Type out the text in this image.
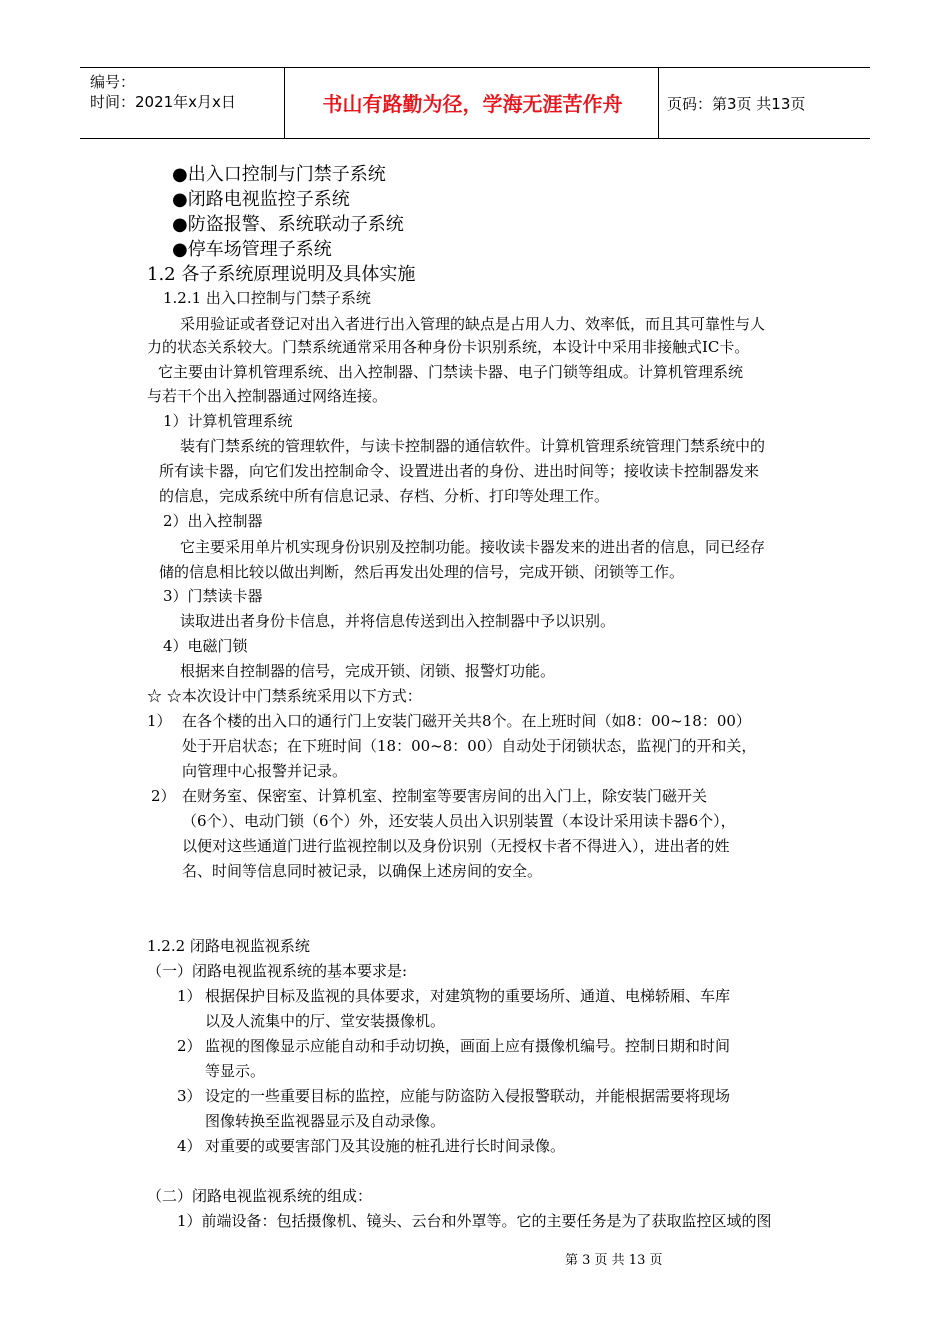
编号：
时间：2021年x月x日	书山有路勤为径，学海无涯苦作舟	页码：第3页 共13页
●出入口控制与门禁子系统
●闭路电视监控子系统
●防盗报警、系统联动子系统
●停车场管理子系统
1.2 各子系统原理说明及具体实施
1.2.1 出入口控制与门禁子系统
采用验证或者登记对出入者进行出入管理的缺点是占用人力、效率低，而且其可靠性与人
力的状态关系较大。门禁系统通常采用各种身份卡识别系统，本设计中采用非接触式IC卡。
它主要由计算机管理系统、出入控制器、门禁读卡器、电子门锁等组成。计算机管理系统
与若干个出入控制器通过网络连接。
1）计算机管理系统
装有门禁系统的管理软件，与读卡控制器的通信软件。计算机管理系统管理门禁系统中的
所有读卡器，向它们发出控制命令、设置进出者的身份、进出时间等；接收读卡控制器发来
的信息，完成系统中所有信息记录、存档、分析、打印等处理工作。
2）出入控制器
它主要采用单片机实现身份识别及控制功能。接收读卡器发来的进出者的信息，同已经存
储的信息相比较以做出判断，然后再发出处理的信号，完成开锁、闭锁等工作。
3）门禁读卡器
读取进出者身份卡信息，并将信息传送到出入控制器中予以识别。
4）电磁门锁
根据来自控制器的信号，完成开锁、闭锁、报警灯功能。
☆ ☆本次设计中门禁系统采用以下方式：
1） 在各个楼的出入口的通行门上安装门磁开关共8个。在上班时间（如8：00~18：00）
处于开启状态；在下班时间（18：00~8：00）自动处于闭锁状态，监视门的开和关，
向管理中心报警并记录。
2） 在财务室、保密室、计算机室、控制室等要害房间的出入门上，除安装门磁开关
（6个）、电动门锁（6个）外，还安装人员出入识别装置（本设计采用读卡器6个），
以便对这些通道门进行监视控制以及身份识别（无授权卡者不得进入），进出者的姓
名、时间等信息同时被记录，以确保上述房间的安全。
1.2.2 闭路电视监视系统
（一）闭路电视监视系统的基本要求是:
1） 根据保护目标及监视的具体要求，对建筑物的重要场所、通道、电梯轿厢、车库
以及人流集中的厅、堂安装摄像机。
2） 监视的图像显示应能自动和手动切换，画面上应有摄像机编号。控制日期和时间
等显示。
3） 设定的一些重要目标的监控，应能与防盗防入侵报警联动，并能根据需要将现场
图像转换至监视器显示及自动录像。
4） 对重要的或要害部门及其设施的桩孔进行长时间录像。
（二）闭路电视监视系统的组成：
1）前端设备：包括摄像机、镜头、云台和外罩等。它的主要任务是为了获取监控区域的图
第 3 页 共 13 页
